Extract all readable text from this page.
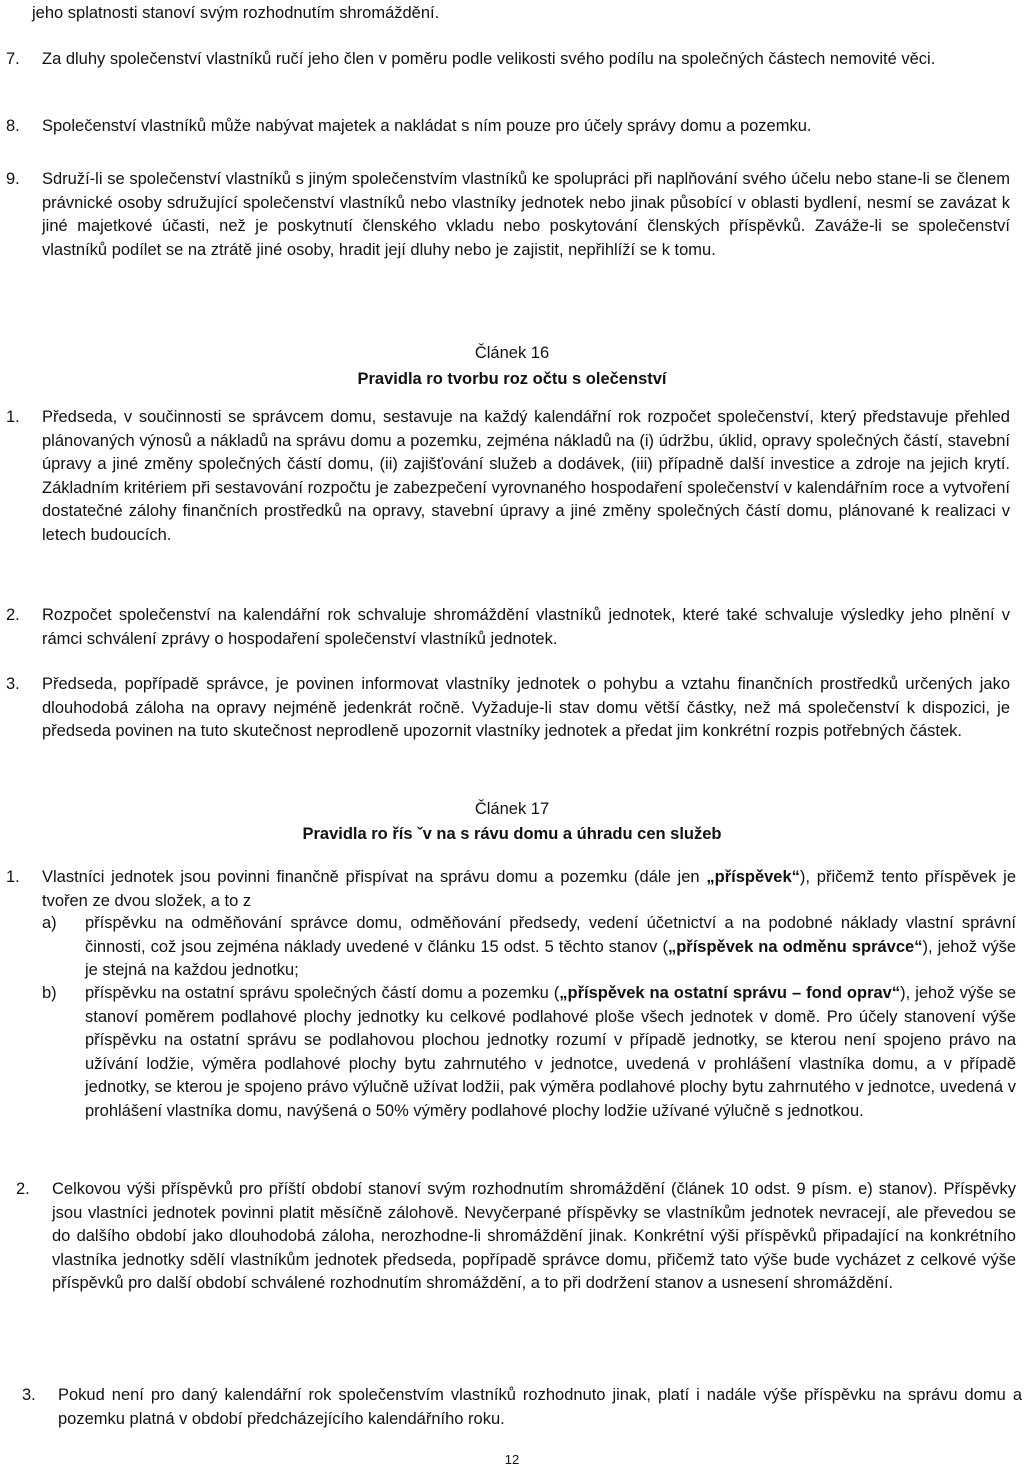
jeho splatnosti stanoví svým rozhodnutím shromáždění.
7.	Za dluhy společenství vlastníků ručí jeho člen v poměru podle velikosti svého podílu na společných částech nemovité věci.
8.	Společenství vlastníků může nabývat majetek a nakládat s ním pouze pro účely správy domu a pozemku.
9.	Sdruží-li se společenství vlastníků s jiným společenstvím vlastníků ke spolupráci při naplňování svého účelu nebo stane-li se členem právnické osoby sdružující společenství vlastníků nebo vlastníky jednotek nebo jinak působící v oblasti bydlení, nesmí se zavázat k jiné majetkové účasti, než je poskytnutí členského vkladu nebo poskytování členských příspěvků. Zaváže-li se společenství vlastníků podílet se na ztrátě jiné osoby, hradit její dluhy nebo je zajistit, nepřihlíží se k tomu.
Článek 16
Pravidla ro tvorbu roz očtu s olečenství
1.	Předseda, v součinnosti se správcem domu, sestavuje na každý kalendářní rok rozpočet společenství, který představuje přehled plánovaných výnosů a nákladů na správu domu a pozemku, zejména nákladů na (i) údržbu, úklid, opravy společných částí, stavební úpravy a jiné změny společných částí domu, (ii) zajišťování služeb a dodávek, (iii) případně další investice a zdroje na jejich krytí. Základním kritériem při sestavování rozpočtu je zabezpečení vyrovnaného hospodaření společenství v kalendářním roce a vytvoření dostatečné zálohy finančních prostředků na opravy, stavební úpravy a jiné změny společných částí domu, plánované k realizaci v letech budoucích.
2.	Rozpočet společenství na kalendářní rok schvaluje shromáždění vlastníků jednotek, které také schvaluje výsledky jeho plnění v rámci schválení zprávy o hospodaření společenství vlastníků jednotek.
3.	Předseda, popřípadě správce, je povinen informovat vlastníky jednotek o pohybu a vztahu finančních prostředků určených jako dlouhodobá záloha na opravy nejméně jedenkrát ročně. Vyžaduje-li stav domu větší částky, než má společenství k dispozici, je předseda povinen na tuto skutečnost neprodleně upozornit vlastníky jednotek a předat jim konkrétní rozpis potřebných částek.
Článek 17
Pravidla ro řís ˇv na s rávu domu a úhradu cen služeb
1.	Vlastníci jednotek jsou povinni finančně přispívat na správu domu a pozemku (dále jen „příspěvek“), přičemž tento příspěvek je tvořen ze dvou složek, a to z
a) příspěvku na odměňování správce domu, odměňování předsedy, vedení účetnictví a na podobné náklady vlastní správní činnosti, což jsou zejména náklady uvedené v článku 15 odst. 5 těchto stanov („příspěvek na odměnu správce“), jehož výše je stejná na každou jednotku;
b) příspěvku na ostatní správu společných částí domu a pozemku („příspěvek na ostatní správu – fond oprav“), jehož výše se stanoví poměrem podlahové plochy jednotky ku celkové podlahové ploše všech jednotek v domě. Pro účely stanovení výše příspěvku na ostatní správu se podlahovou plochou jednotky rozumí v případě jednotky, se kterou není spojeno právo na užívání lodžie, výměra podlahové plochy bytu zahrnutého v jednotce, uvedená v prohlášení vlastníka domu, a v případě jednotky, se kterou je spojeno právo výlučně užívat lodžii, pak výměra podlahové plochy bytu zahrnutého v jednotce, uvedená v prohlášení vlastníka domu, navýšená o 50% výměry podlahové plochy lodžie užívané výlučně s jednotkou.
2.	Celkovou výši příspěvků pro příští období stanoví svým rozhodnutím shromáždění (článek 10 odst. 9 písm. e) stanov). Příspěvky jsou vlastníci jednotek povinni platit měsíčně zálohově. Nevyčerpané příspěvky se vlastníkům jednotek nevracejí, ale převedou se do dalšího období jako dlouhodobá záloha, nerozhodne-li shromáždění jinak. Konkrétní výši příspěvků připadající na konkrétního vlastníka jednotky sdělí vlastníkům jednotek předseda, popřípadě správce domu, přičemž tato výše bude vycházet z celkové výše příspěvků pro další období schválené rozhodnutím shromáždění, a to při dodržení stanov a usnesení shromáždění.
3.	Pokud není pro daný kalendářní rok společenstvím vlastníků rozhodnuto jinak, platí i nadále výše příspěvku na správu domu a pozemku platná v období předcházejícího kalendářního roku.
12
